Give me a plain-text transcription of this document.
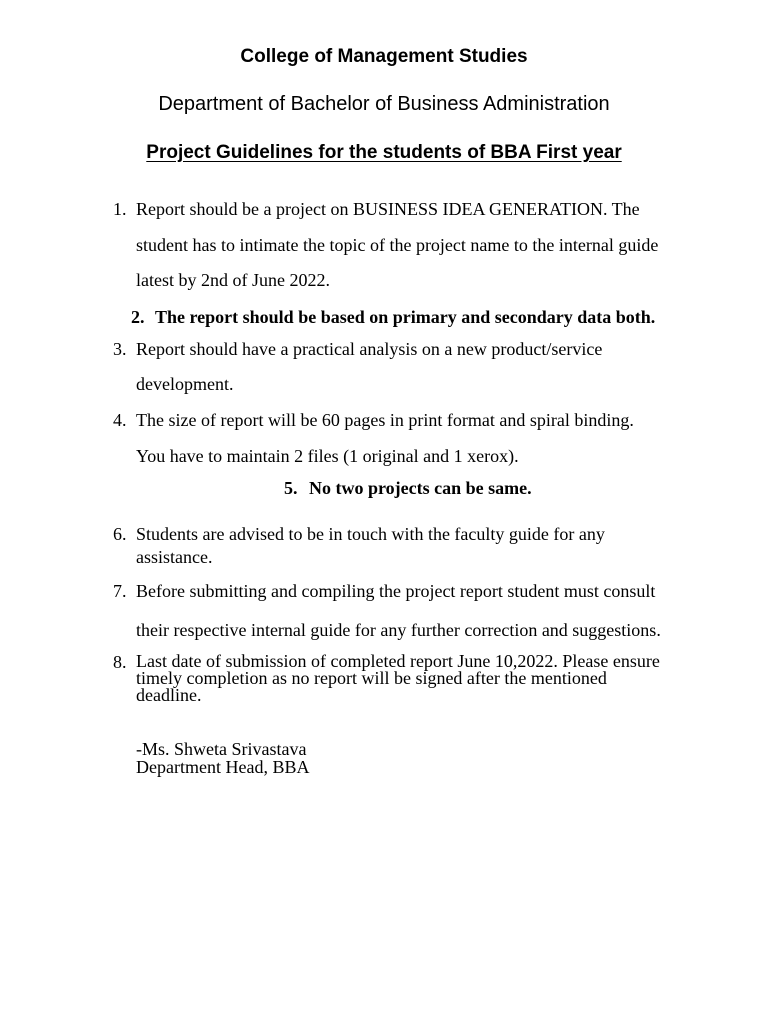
College of Management Studies
Department of Bachelor of Business Administration
Project Guidelines for the students of BBA First year
1. Report should be a project on BUSINESS IDEA GENERATION. The
student has to intimate the topic of the project name to the internal guide
latest by 2nd of June 2022.
2. The report should be based on primary and secondary data both.
3. Report should have a practical analysis on a new product/service
development.
4. The size of report will be 60 pages in print format and spiral binding.
You have to maintain 2 files (1 original and 1 xerox).
5. No two projects can be same.
6. Students are advised to be in touch with the faculty guide for any
assistance.
7. Before submitting and compiling the project report student must consult
their respective internal guide for any further correction and suggestions.
8. Last date of submission of completed report June 10,2022. Please ensure
timely completion as no report will be signed after the mentioned
deadline.
-Ms. Shweta Srivastava
Department Head, BBA
